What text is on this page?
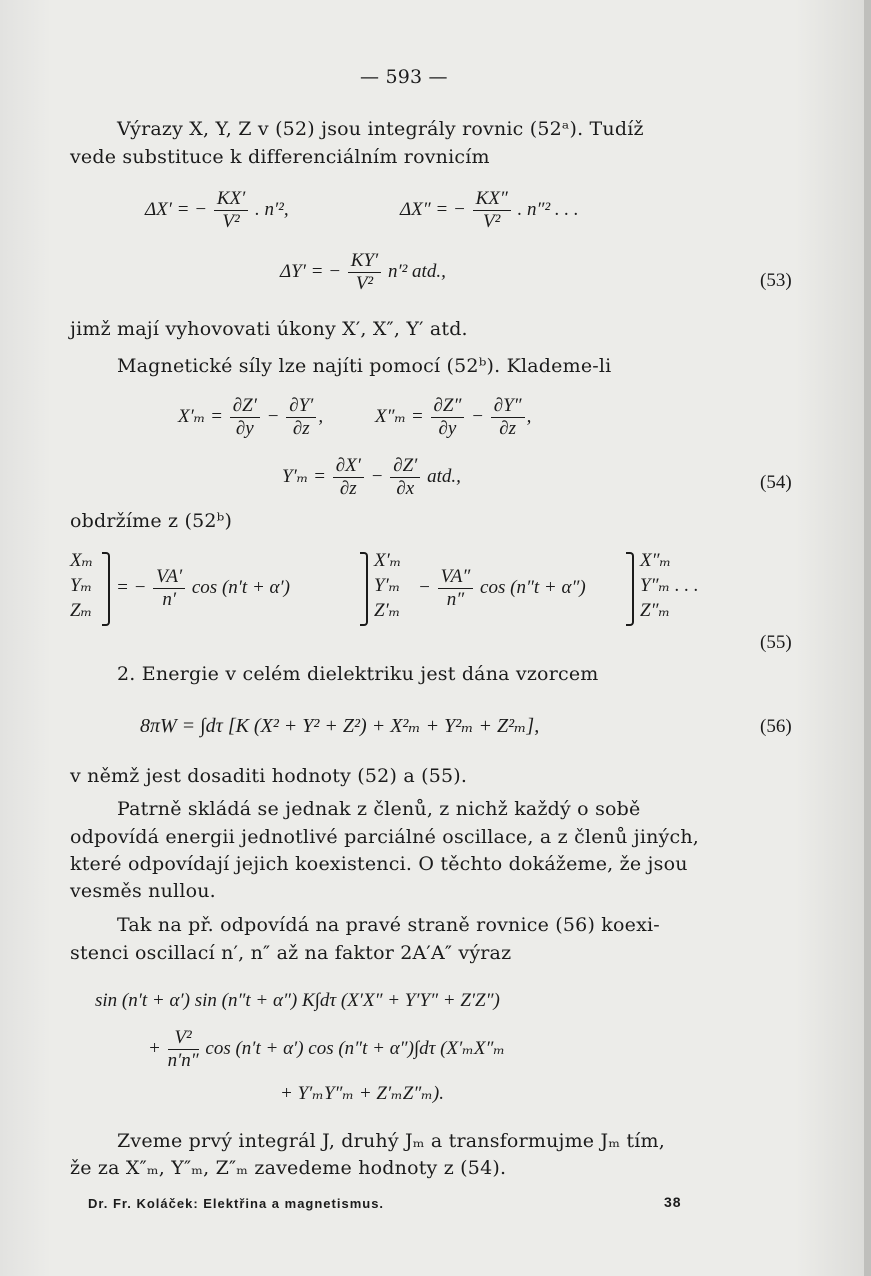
— 593 —
Výrazy X, Y, Z v (52) jsou integrály rovnic (52ᵃ). Tudíž
vede substituce k differenciálním rovnicím
ΔX′ = − $\frac{KX'}{\text{V²}}$ . n′²,	ΔX″ = − $\frac{KX''}{\text{V²}}$ . n″² . . .
ΔY′ = − $\frac{KY'}{\text{V²}} n'^2$ atd.,	(53)
jimž mají vyhovovati úkony X′, X″, Y′ atd.
Magnetické síly lze najíti pomocí (52ᵇ). Klademe-li
$X'_m = \frac{\partial Z'}{\partial y} - \frac{\partial Y'}{\partial z}$ ,	$X''_m = \frac{\partial Z''}{\partial y} - \frac{\partial Y''}{\partial z}$ ,
$Y'_m = \frac{\partial X'}{\partial z} - \frac{\partial Z'}{\partial x}$ atd.,	(54)
obdržíme z (52ᵇ)
Xₘ
Yₘ
Zₘ
= − $\frac{VA'}{n'}$ cos (n′t + α′)
X′ₘ
Y′ₘ
Z′ₘ
− $\frac{VA''}{n''}$ cos (n″t + α″)
X″ₘ
Y″ₘ . . .
Z″ₘ
(55)
2. Energie v celém dielektriku jest dána vzorcem
8πW = ∫dτ [K (X² + Y² + Z²) + X²ₘ + Y²ₘ + Z²ₘ],	(56)
v němž jest dosaditi hodnoty (52) a (55).
Patrně skládá se jednak z členů, z nichž každý o sobě
odpovídá energii jednotlivé parciálné oscillace, a z členů jiných,
které odpovídají jejich koexistenci. O těchto dokážeme, že jsou
vesměs nullou.
Tak na př. odpovídá na pravé straně rovnice (56) koexi-
stenci oscillací n′, n″ až na faktor 2A′A″ výraz
sin (n′t + α′) sin (n″t + α″) K∫dτ (X′X″ + Y′Y″ + Z′Z″)
+ $\frac{\text{V²}}{n'n''}$ cos (n′t + α′) cos (n″t + α″)∫dτ (X′ₘX″ₘ
+ Y′ₘY″ₘ + Z′ₘZ″ₘ).
Zveme prvý integrál J, druhý Jₘ a transformujme Jₘ tím,
že za X″ₘ, Y″ₘ, Z″ₘ zavedeme hodnoty z (54).
Dr. Fr. Koláček: Elektřina a magnetismus.	38
